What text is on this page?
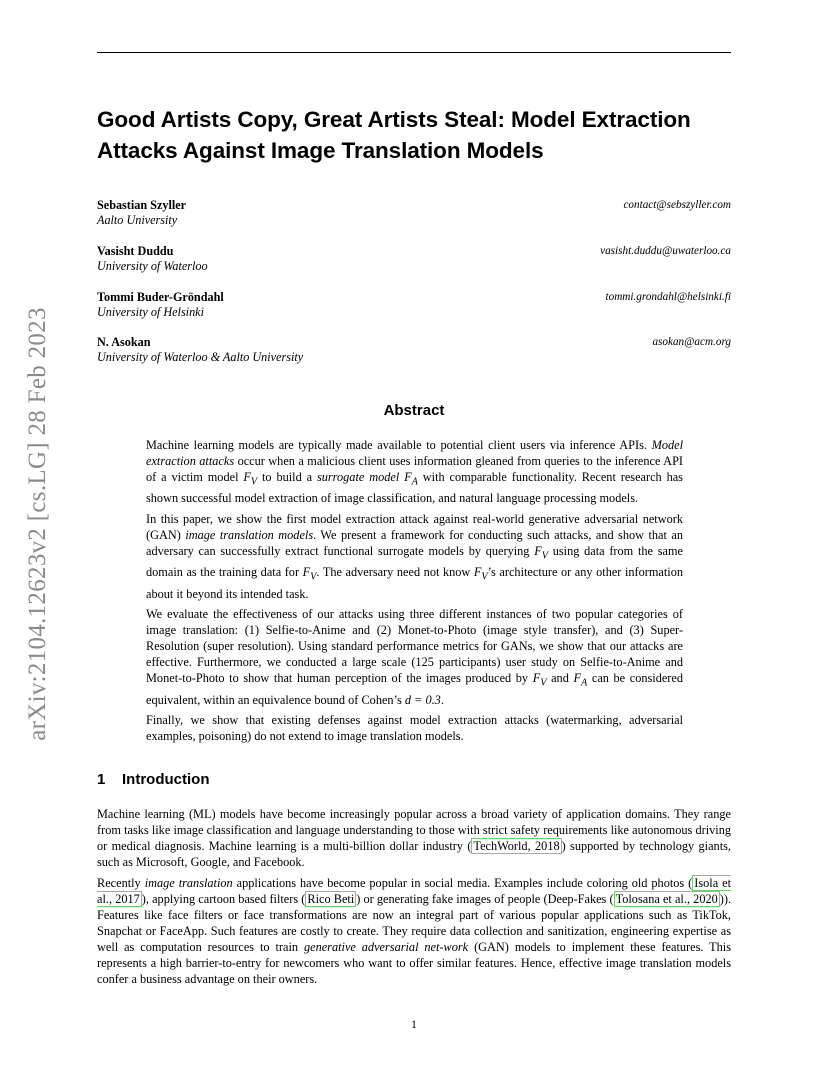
Good Artists Copy, Great Artists Steal: Model Extraction Attacks Against Image Translation Models
Sebastian Szyller
Aalto University
contact@sebszyller.com
Vasisht Duddu
University of Waterloo
vasisht.duddu@uwaterloo.ca
Tommi Buder-Gröndahl
University of Helsinki
tommi.grondahl@helsinki.fi
N. Asokan
University of Waterloo & Aalto University
asokan@acm.org
Abstract

Machine learning models are typically made available to potential client users via inference APIs. Model extraction attacks occur when a malicious client uses information gleaned from queries to the inference API of a victim model $F_V$ to build a surrogate model $F_A$ with comparable functionality. Recent research has shown successful model extraction of image classification, and natural language processing models.

In this paper, we show the first model extraction attack against real-world generative adversarial network (GAN) image translation models. We present a framework for conducting such attacks, and show that an adversary can successfully extract functional surrogate models by querying $F_V$ using data from the same domain as the training data for $F_V$. The adversary need not know $F_V’s$ architecture or any other information about it beyond its intended task.

We evaluate the effectiveness of our attacks using three different instances of two popular categories of image translation: (1) Selfie-to-Anime and (2) Monet-to-Photo (image style transfer), and (3) Super-Resolution (super resolution). Using standard performance metrics for GANs, we show that our attacks are effective. Furthermore, we conducted a large scale (125 participants) user study on Selfie-to-Anime and Monet-to-Photo to show that human perception of the images produced by $F_V$ and $F_A$ can be considered equivalent, within an equivalence bound of Cohen’s d = 0.3.

Finally, we show that existing defenses against model extraction attacks (watermarking, adversarial examples, poisoning) do not extend to image translation models.

1 Introduction

Machine learning (ML) models have become increasingly popular across a broad variety of application domains. They range from tasks like image classification and language understanding to those with strict safety requirements like autonomous driving or medical diagnosis. Machine learning is a multi-billion dollar industry ( TechWorld, 2018 ) supported by technology giants, such as Microsoft, Google, and Facebook.

Recently image translation applications have become popular in social media. Examples include coloring old photos ( Isola et al., 2017 ), applying cartoon based filters ( Rico Beti ) or generating fake images of people (Deep-Fakes ( Tolosana et al., 2020 )). Features like face filters or face transformations are now an integral part of various popular applications such as TikTok, Snapchat or FaceApp. Such features are costly to create. They require data collection and sanitization, engineering expertise as well as computation resources to train generative adversarial net-work (GAN) models to implement these features. This represents a high barrier-to-entry for newcomers who want to offer similar features. Hence, effective image translation models confer a business advantage on their owners.

1
arXiv:2104.12623v2 [cs.LG] 28 Feb 2023
